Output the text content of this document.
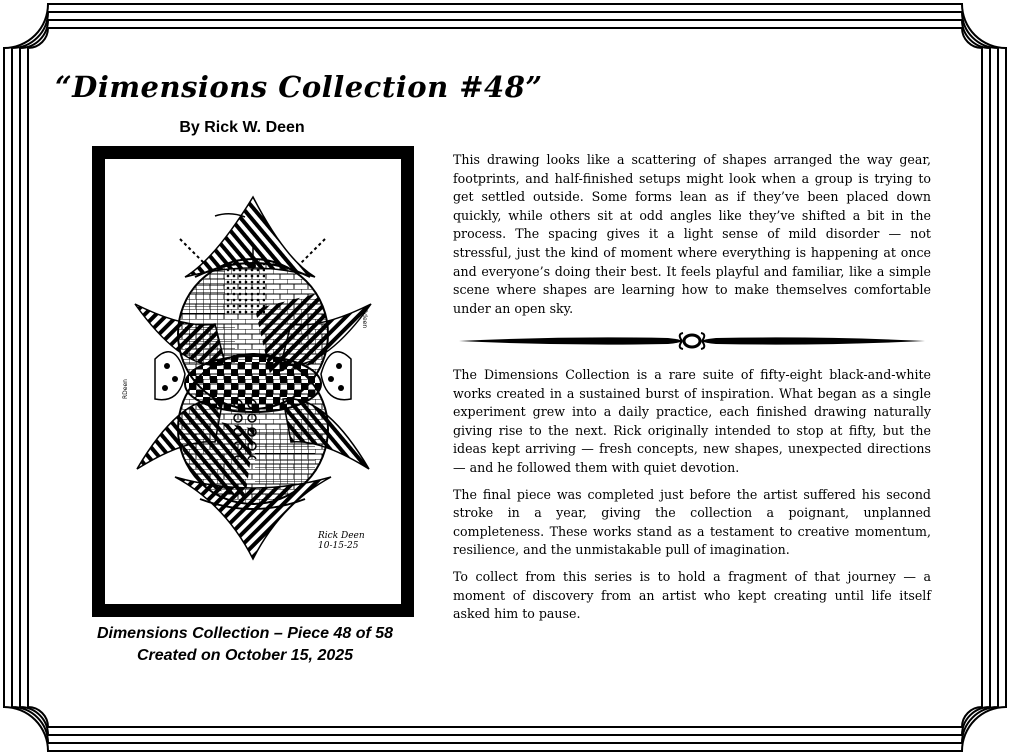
“Dimensions Collection #48”
By Rick W. Deen
Rdeen
RDeen
Rick Deen
10-15-25
Dimensions Collection – Piece 48 of 58
Created on October 15, 2025

This drawing looks like a scattering of shapes arranged the way gear, footprints, and half-finished setups might look when a group is trying to get settled outside. Some forms lean as if they’ve been placed down quickly, while others sit at odd angles like they’ve shifted a bit in the process. The spacing gives it a light sense of mild disorder — not stressful, just the kind of moment where everything is happening at once and everyone’s doing their best. It feels playful and familiar, like a simple scene where shapes are learning how to make themselves comfortable under an open sky.

The Dimensions Collection is a rare suite of fifty-eight black-and-white works created in a sustained burst of inspiration. What began as a single experiment grew into a daily practice, each finished drawing naturally giving rise to the next. Rick originally intended to stop at fifty, but the ideas kept arriving — fresh concepts, new shapes, unexpected directions — and he followed them with quiet devotion.

The final piece was completed just before the artist suffered his second stroke in a year, giving the collection a poignant, unplanned completeness. These works stand as a testament to creative momentum, resilience, and the unmistakable pull of imagination.

To collect from this series is to hold a fragment of that journey — a moment of discovery from an artist who kept creating until life itself asked him to pause.
